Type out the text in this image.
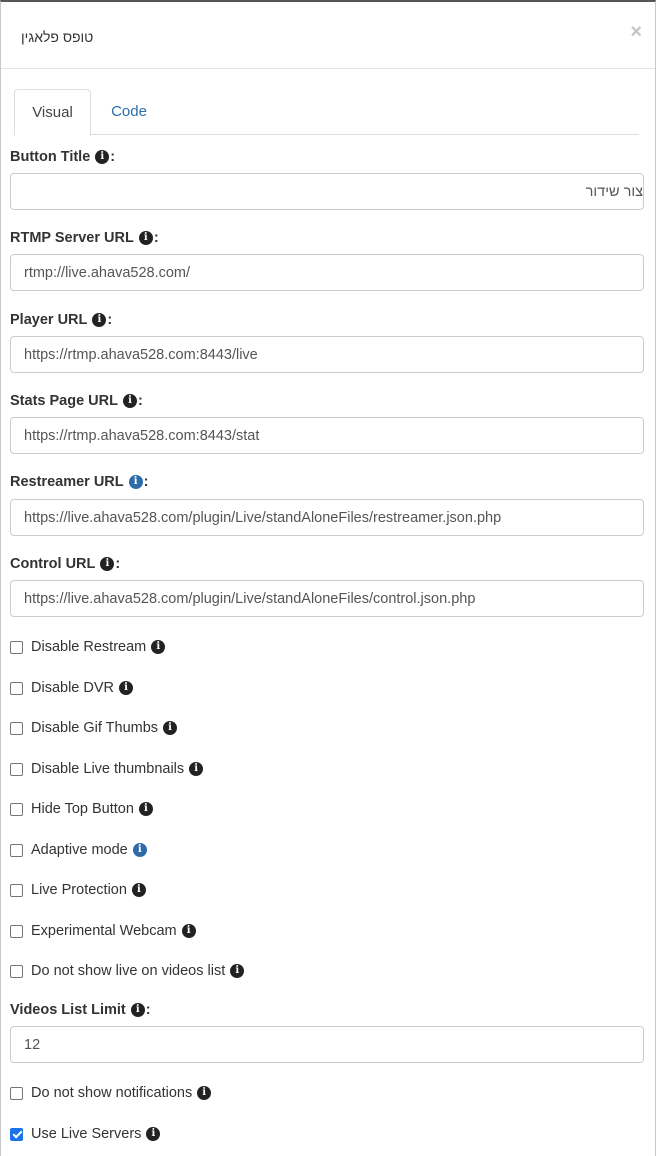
טופס פלאגין	×
Visual	Code
Button Title	i :
צור שידור
RTMP Server URL	i :
rtmp://live.ahava528.com/
Player URL	i :
https://rtmp.ahava528.com:8443/live
Stats Page URL	i :
https://rtmp.ahava528.com:8443/stat
Restreamer URL	i :
https://live.ahava528.com/plugin/Live/standAloneFiles/restreamer.json.php
Control URL	i :
https://live.ahava528.com/plugin/Live/standAloneFiles/control.json.php
Disable Restream	i
Disable DVR	i
Disable Gif Thumbs	i
Disable Live thumbnails	i
Hide Top Button	i
Adaptive mode	i
Live Protection	i
Experimental Webcam	i
Do not show live on videos list	i
Videos List Limit	i :
12
Do not show notifications	i
Use Live Servers	i
